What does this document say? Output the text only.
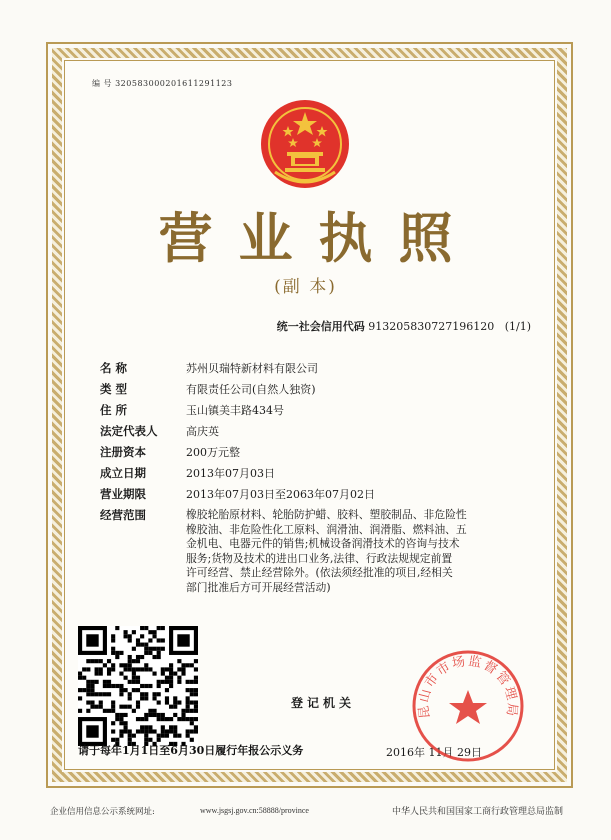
编 号 320583000201611291123
营业执照
(副 本)
统一社会信用代码 913205830727196120 (1/1)
名 称	苏州贝瑞特新材料有限公司
类 型	有限责任公司(自然人独资)
住 所	玉山镇美丰路434号
法定代表人	高庆英
注册资本	200万元整
成立日期	2013年07月03日
营业期限	2013年07月03日至2063年07月02日
经营范围	橡胶轮胎原材料、轮胎防护蜡、胶料、塑胶制品、非危险性
橡胶油、非危险性化工原料、润滑油、润滑脂、燃料油、五
金机电、电器元件的销售;机械设备润滑技术的咨询与技术
服务;货物及技术的进出口业务,法律、行政法规规定前置
许可经营、禁止经营除外。(依法须经批准的项目,经相关
部门批准后方可开展经营活动)
登记机关
请于每年1月1日至6月30日履行年报公示义务	2016年 11月 29日
昆山市市场监督管理局
企业信用信息公示系统网址:	www.jsgsj.gov.cn:58888/province	中华人民共和国国家工商行政管理总局监制
